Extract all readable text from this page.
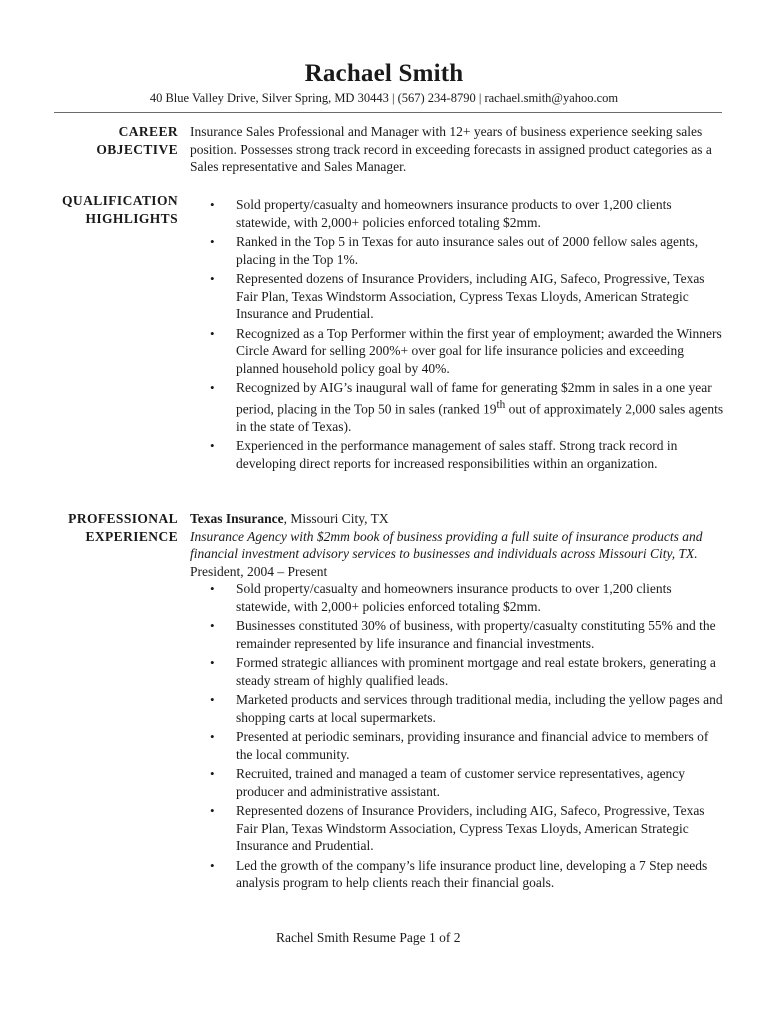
Rachael Smith
40 Blue Valley Drive, Silver Spring, MD 30443 | (567) 234-8790 | rachael.smith@yahoo.com
CAREER
OBJECTIVE

Insurance Sales Professional and Manager with 12+ years of business experience seeking sales position. Possesses strong track record in exceeding forecasts in assigned product categories as a Sales representative and Sales Manager.

QUALIFICATION
HIGHLIGHTS
• Sold property/casualty and homeowners insurance products to over 1,200 clients statewide, with 2,000+ policies enforced totaling $2mm.
• Ranked in the Top 5 in Texas for auto insurance sales out of 2000 fellow sales agents, placing in the Top 1%.
• Represented dozens of Insurance Providers, including AIG, Safeco, Progressive, Texas Fair Plan, Texas Windstorm Association, Cypress Texas Lloyds, American Strategic Insurance and Prudential.
• Recognized as a Top Performer within the first year of employment; awarded the Winners Circle Award for selling 200%+ over goal for life insurance policies and exceeding planned household policy goal by 40%.
• Recognized by AIG’s inaugural wall of fame for generating $2mm in sales in a one year period, placing in the Top 50 in sales (ranked 19th out of approximately 2,000 sales agents in the state of Texas).
• Experienced in the performance management of sales staff. Strong track record in developing direct reports for increased responsibilities within an organization.
PROFESSIONAL
EXPERIENCE

Texas Insurance, Missouri City, TX

Insurance Agency with $2mm book of business providing a full suite of insurance products and financial investment advisory services to businesses and individuals across Missouri City, TX.

President, 2004 – Present

• Sold property/casualty and homeowners insurance products to over 1,200 clients statewide, with 2,000+ policies enforced totaling $2mm.
• Businesses constituted 30% of business, with property/casualty constituting 55% and the remainder represented by life insurance and financial investments.
• Formed strategic alliances with prominent mortgage and real estate brokers, generating a steady stream of highly qualified leads.
• Marketed products and services through traditional media, including the yellow pages and shopping carts at local supermarkets.
• Presented at periodic seminars, providing insurance and financial advice to members of the local community.
• Recruited, trained and managed a team of customer service representatives, agency producer and administrative assistant.
• Represented dozens of Insurance Providers, including AIG, Safeco, Progressive, Texas Fair Plan, Texas Windstorm Association, Cypress Texas Lloyds, American Strategic Insurance and Prudential.
• Led the growth of the company’s life insurance product line, developing a 7 Step needs analysis program to help clients reach their financial goals.
Rachel Smith Resume Page 1 of 2
